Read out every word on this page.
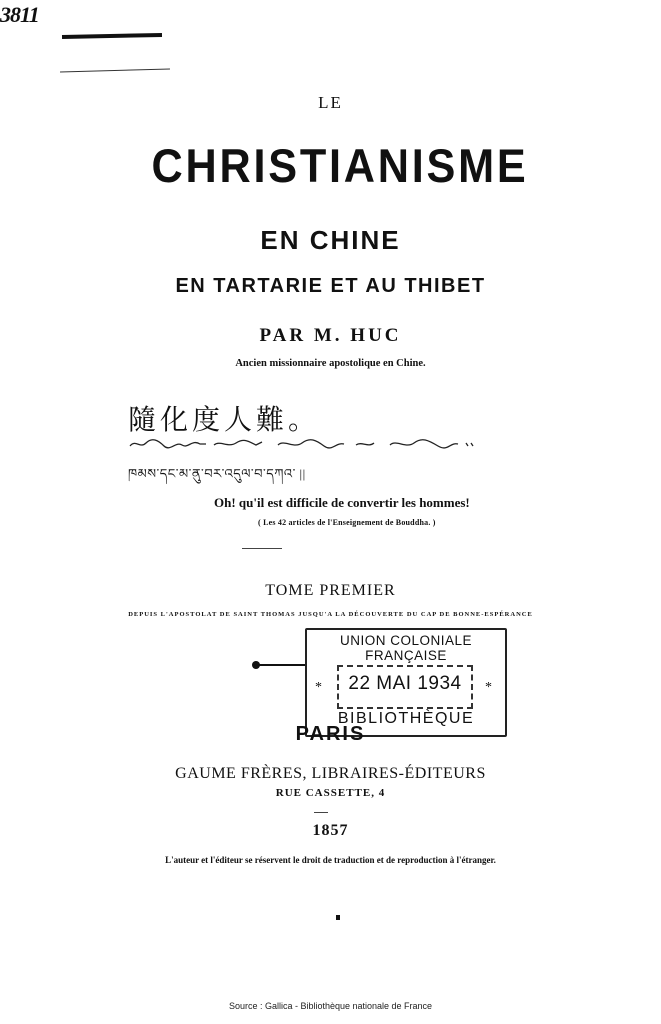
3811
LE
CHRISTIANISME
EN CHINE
EN TARTARIE ET AU THIBET
PAR M. HUC
Ancien missionnaire apostolique en Chine.
隨化度人難。
ཁམས་དང་མ་ནུ་བར་འདུལ་བ་དཀའ་ ||
Oh! qu'il est difficile de convertir les hommes!
( Les 42 articles de l'Enseignement de Bouddha. )
TOME PREMIER
DEPUIS L'APOSTOLAT DE SAINT THOMAS JUSQU'A LA DÉCOUVERTE DU CAP DE BONNE-ESPÉRANCE
UNION COLONIALE FRANÇAISE
*	22 MAI 1934	*
BIBLIOTHÈQUE
PARIS
GAUME FRÈRES, LIBRAIRES-ÉDITEURS
RUE CASSETTE, 4
1857
L'auteur et l'éditeur se réservent le droit de traduction et de reproduction à l'étranger.
Source : Gallica - Bibliothèque nationale de France
